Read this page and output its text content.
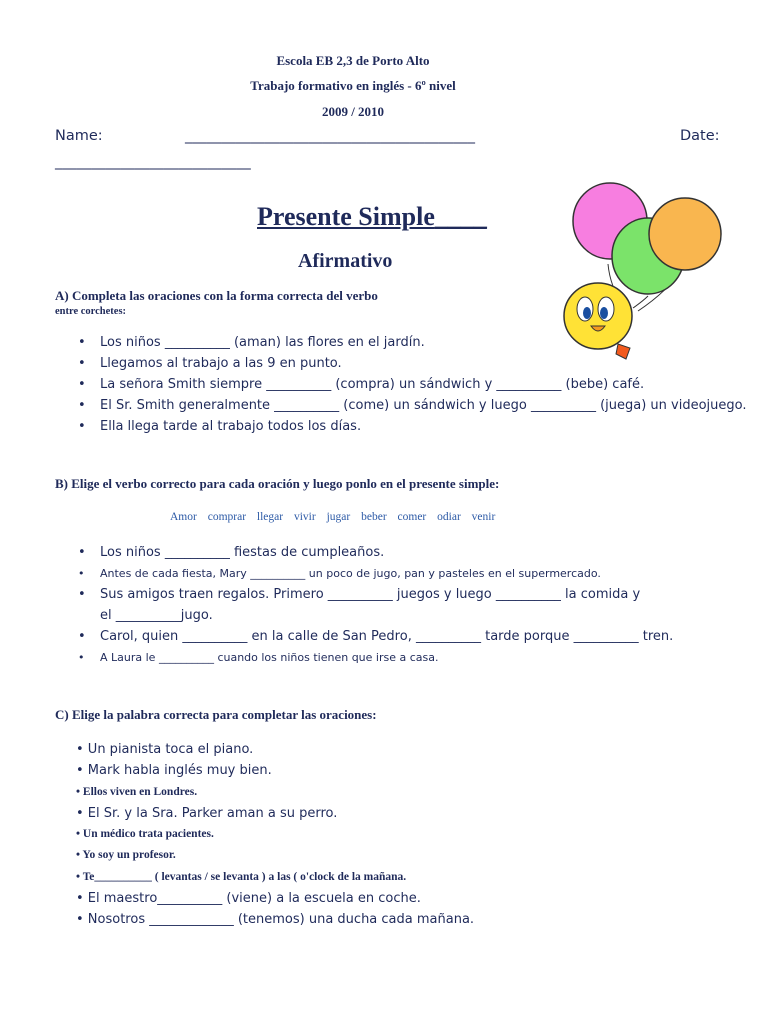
Escola EB 2,3 de Porto Alto
Trabajo formativo en inglés - 6º nivel
2009 / 2010
Name:	________________________________________	Date:
___________________________
Presente Simple____
Afirmativo
A) Completa las oraciones con la forma correcta del verbo
entre corchetes:
• Los niños __________ (aman) las flores en el jardín.
• Llegamos al trabajo a las 9 en punto.
• La señora Smith siempre __________ (compra) un sándwich y __________ (bebe) café.
• El Sr. Smith generalmente __________ (come) un sándwich y luego __________ (juega) un videojuego.
• Ella llega tarde al trabajo todos los días.
B) Elige el verbo correcto para cada oración y luego ponlo en el presente simple:
Amor comprar llegar vivir jugar beber comer odiar venir
• Los niños __________ fiestas de cumpleaños.
• Antes de cada fiesta, Mary __________ un poco de jugo, pan y pasteles en el supermercado.
• Sus amigos traen regalos. Primero __________ juegos y luego __________ la comida y
el __________jugo.
• Carol, quien __________ en la calle de San Pedro, __________ tarde porque __________ tren.
• A Laura le __________ cuando los niños tienen que irse a casa.
C) Elige la palabra correcta para completar las oraciones:
• Un pianista toca el piano.
• Mark habla inglés muy bien.
• Ellos viven en Londres.
• El Sr. y la Sra. Parker aman a su perro.
• Un médico trata pacientes.
• Yo soy un profesor.
• Te__________ ( levantas / se levanta ) a las ( o'clock de la mañana.
• El maestro__________ (viene) a la escuela en coche.
• Nosotros _____________ (tenemos) una ducha cada mañana.
